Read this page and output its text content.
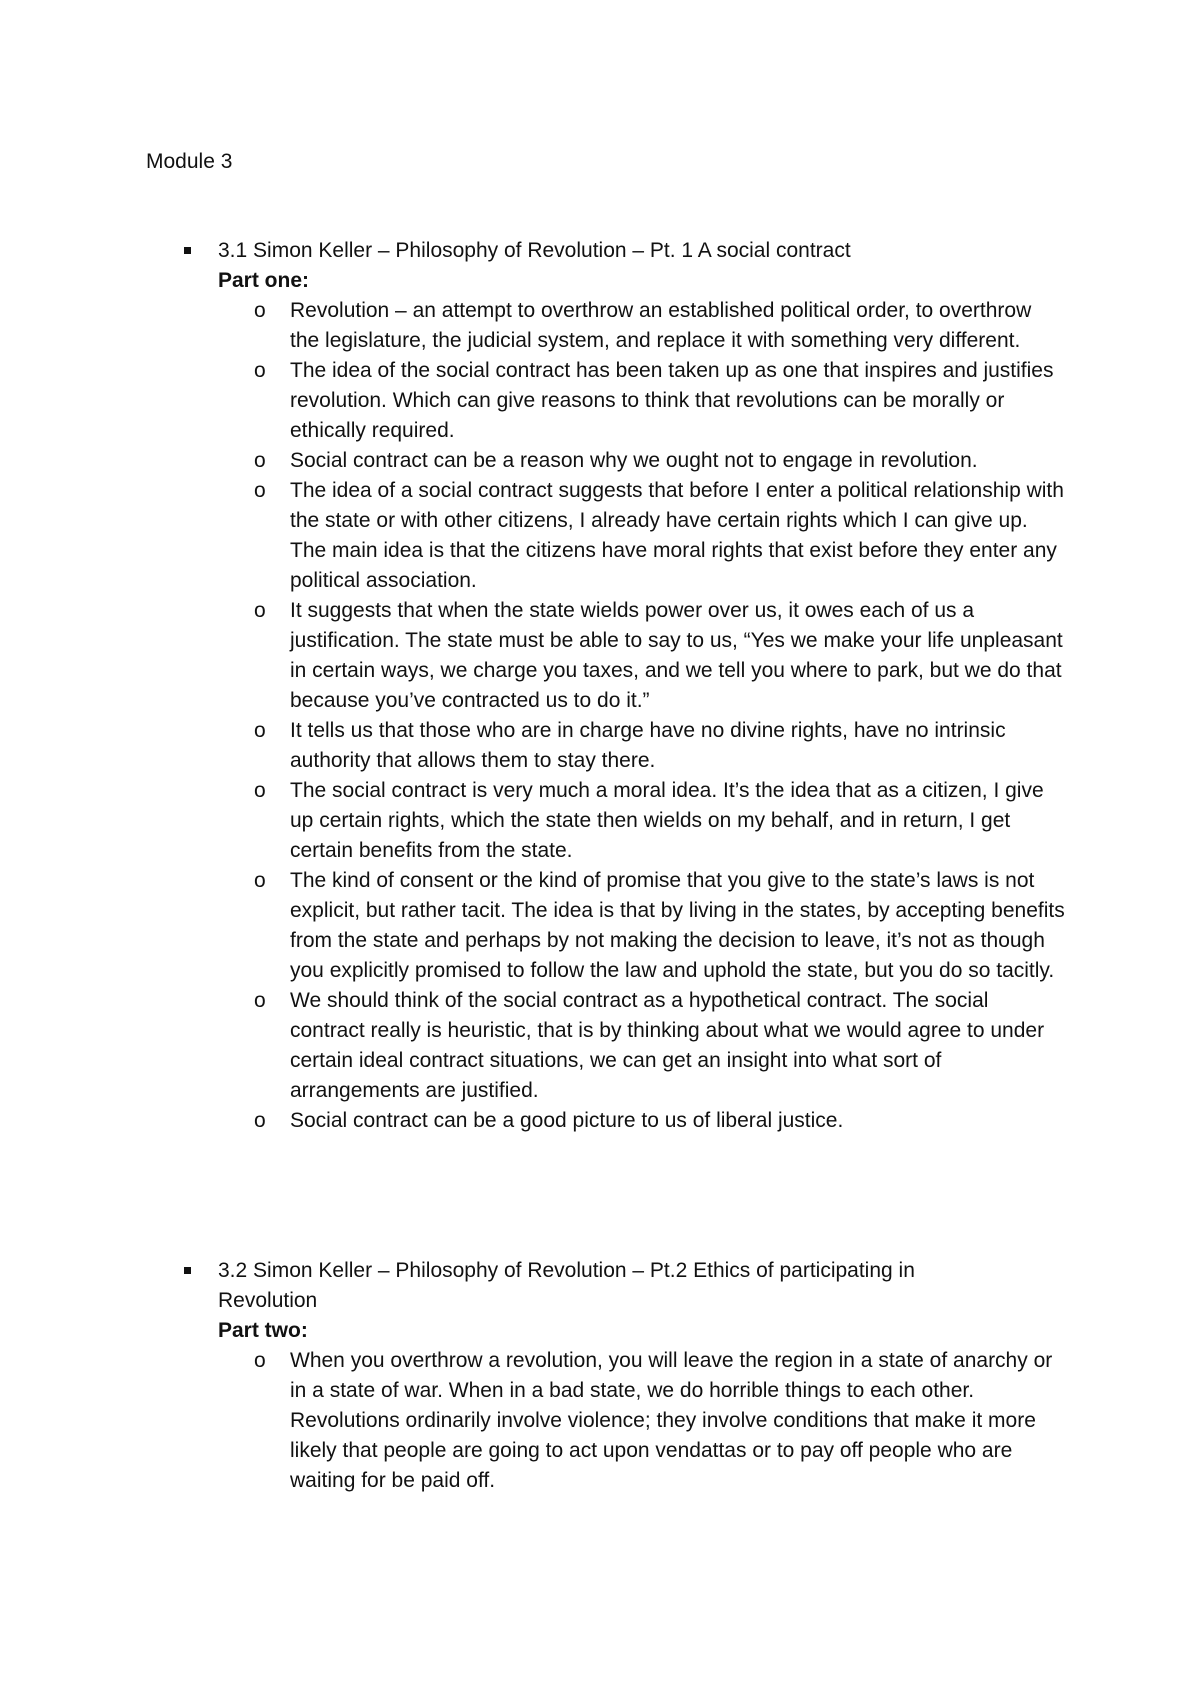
Module 3
3.1 Simon Keller – Philosophy of Revolution – Pt. 1 A social contract
Part one:
o Revolution – an attempt to overthrow an established political order, to overthrow the legislature, the judicial system, and replace it with something very different.
o The idea of the social contract has been taken up as one that inspires and justifies revolution. Which can give reasons to think that revolutions can be morally or ethically required.
o Social contract can be a reason why we ought not to engage in revolution.
o The idea of a social contract suggests that before I enter a political relationship with the state or with other citizens, I already have certain rights which I can give up. The main idea is that the citizens have moral rights that exist before they enter any political association.
o It suggests that when the state wields power over us, it owes each of us a justification. The state must be able to say to us, “Yes we make your life unpleasant in certain ways, we charge you taxes, and we tell you where to park, but we do that because you’ve contracted us to do it.”
o It tells us that those who are in charge have no divine rights, have no intrinsic authority that allows them to stay there.
o The social contract is very much a moral idea. It’s the idea that as a citizen, I give up certain rights, which the state then wields on my behalf, and in return, I get certain benefits from the state.
o The kind of consent or the kind of promise that you give to the state’s laws is not explicit, but rather tacit. The idea is that by living in the states, by accepting benefits from the state and perhaps by not making the decision to leave, it’s not as though you explicitly promised to follow the law and uphold the state, but you do so tacitly.
o We should think of the social contract as a hypothetical contract. The social contract really is heuristic, that is by thinking about what we would agree to under certain ideal contract situations, we can get an insight into what sort of arrangements are justified.
o Social contract can be a good picture to us of liberal justice.
3.2 Simon Keller – Philosophy of Revolution – Pt.2 Ethics of participating in Revolution
Part two:
o When you overthrow a revolution, you will leave the region in a state of anarchy or in a state of war. When in a bad state, we do horrible things to each other. Revolutions ordinarily involve violence; they involve conditions that make it more likely that people are going to act upon vendattas or to pay off people who are waiting for be paid off.
